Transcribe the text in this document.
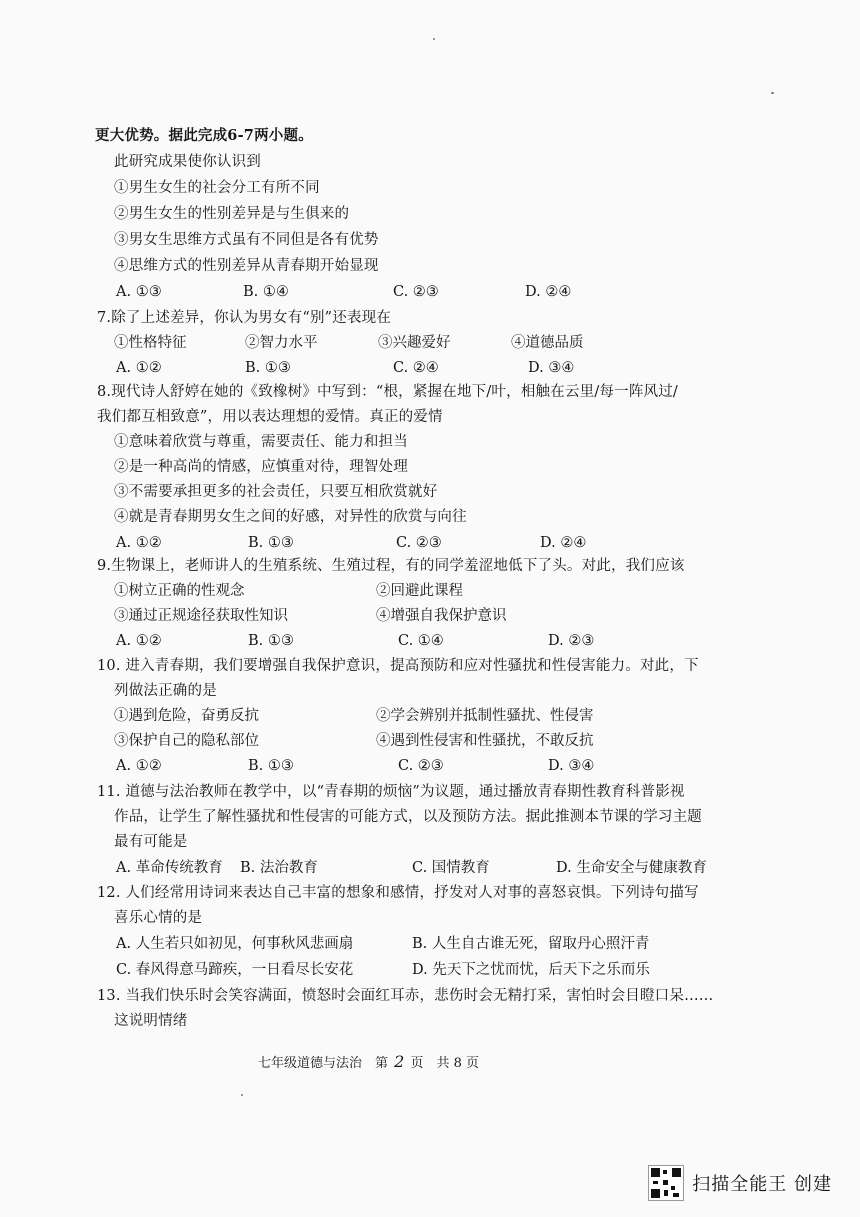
更大优势。据此完成6-7两小题。
此研究成果使你认识到
①男生女生的社会分工有所不同
②男生女生的性别差异是与生俱来的
③男女生思维方式虽有不同但是各有优势
④思维方式的性别差异从青春期开始显现
A. ①③	B. ①④	C. ②③	D. ②④
7.除了上述差异，你认为男女有“别”还表现在
①性格特征	②智力水平	③兴趣爱好	④道德品质
A. ①②	B. ①③	C. ②④	D. ③④
8.现代诗人舒婷在她的《致橡树》中写到：“根，紧握在地下/叶，相触在云里/每一阵风过/
我们都互相致意”，用以表达理想的爱情。真正的爱情
①意味着欣赏与尊重，需要责任、能力和担当
②是一种高尚的情感，应慎重对待，理智处理
③不需要承担更多的社会责任，只要互相欣赏就好
④就是青春期男女生之间的好感，对异性的欣赏与向往
A. ①②	B. ①③	C. ②③	D. ②④
9.生物课上，老师讲人的生殖系统、生殖过程，有的同学羞涩地低下了头。对此，我们应该
①树立正确的性观念	②回避此课程
③通过正规途径获取性知识	④增强自我保护意识
A. ①②	B. ①③	C. ①④	D. ②③
10. 进入青春期，我们要增强自我保护意识，提高预防和应对性骚扰和性侵害能力。对此，下
列做法正确的是
①遇到危险，奋勇反抗	②学会辨别并抵制性骚扰、性侵害
③保护自己的隐私部位	④遇到性侵害和性骚扰，不敢反抗
A. ①②	B. ①③	C. ②③	D. ③④
11. 道德与法治教师在教学中，以“青春期的烦恼”为议题，通过播放青春期性教育科普影视
作品，让学生了解性骚扰和性侵害的可能方式，以及预防方法。据此推测本节课的学习主题
最有可能是
A. 革命传统教育 B. 法治教育	C. 国情教育	D. 生命安全与健康教育
12. 人们经常用诗词来表达自己丰富的想象和感情，抒发对人对事的喜怒哀惧。下列诗句描写
喜乐心情的是
A. 人生若只如初见，何事秋风悲画扇	B. 人生自古谁无死，留取丹心照汗青
C. 春风得意马蹄疾，一日看尽长安花	D. 先天下之忧而忧，后天下之乐而乐
13. 当我们快乐时会笑容满面，愤怒时会面红耳赤，悲伤时会无精打采，害怕时会目瞪口呆……
这说明情绪
七年级道德与法治　第 2 页　共 8 页
扫描全能王 创建
